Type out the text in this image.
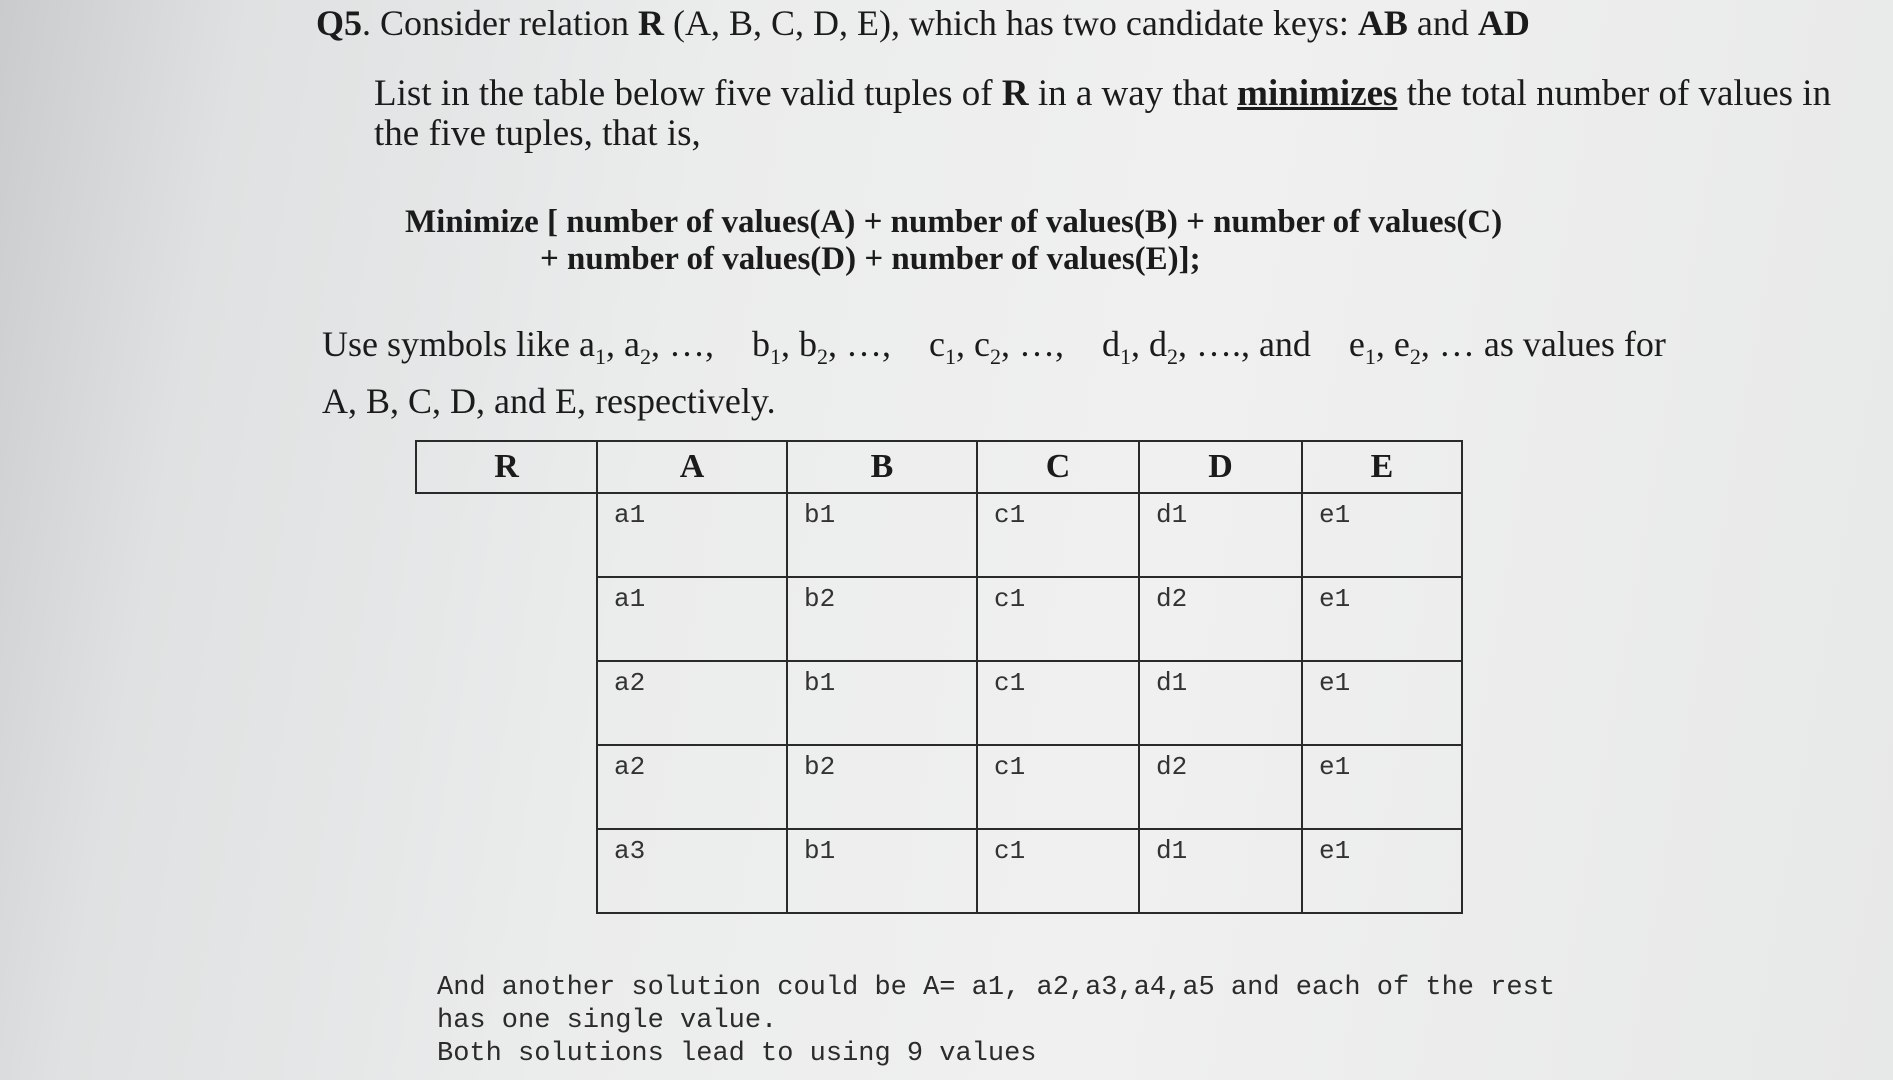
Q5. Consider relation R (A, B, C, D, E), which has two candidate keys: AB and AD
List in the table below five valid tuples of R in a way that minimizes the total number of values in the five tuples, that is,
Minimize [ number of values(A) + number of values(B) + number of values(C)
+ number of values(D) + number of values(E)];
Use symbols like $a_1$, $a_2$, …, $b_1$, $b_2$, …, $c_1$, $c_2$, …, $d_1$, $d_2$, …., and $e_1$, $e_2$, … as values for
A, B, C, D, and E, respectively.
R	A	B	C	D	E
	a1	b1	c1	d1	e1
	a1	b2	c1	d2	e1
	a2	b1	c1	d1	e1
	a2	b2	c1	d2	e1
	a3	b1	c1	d1	e1
And another solution could be A= a1, a2,a3,a4,a5 and each of the rest
has one single value.
Both solutions lead to using 9 values
